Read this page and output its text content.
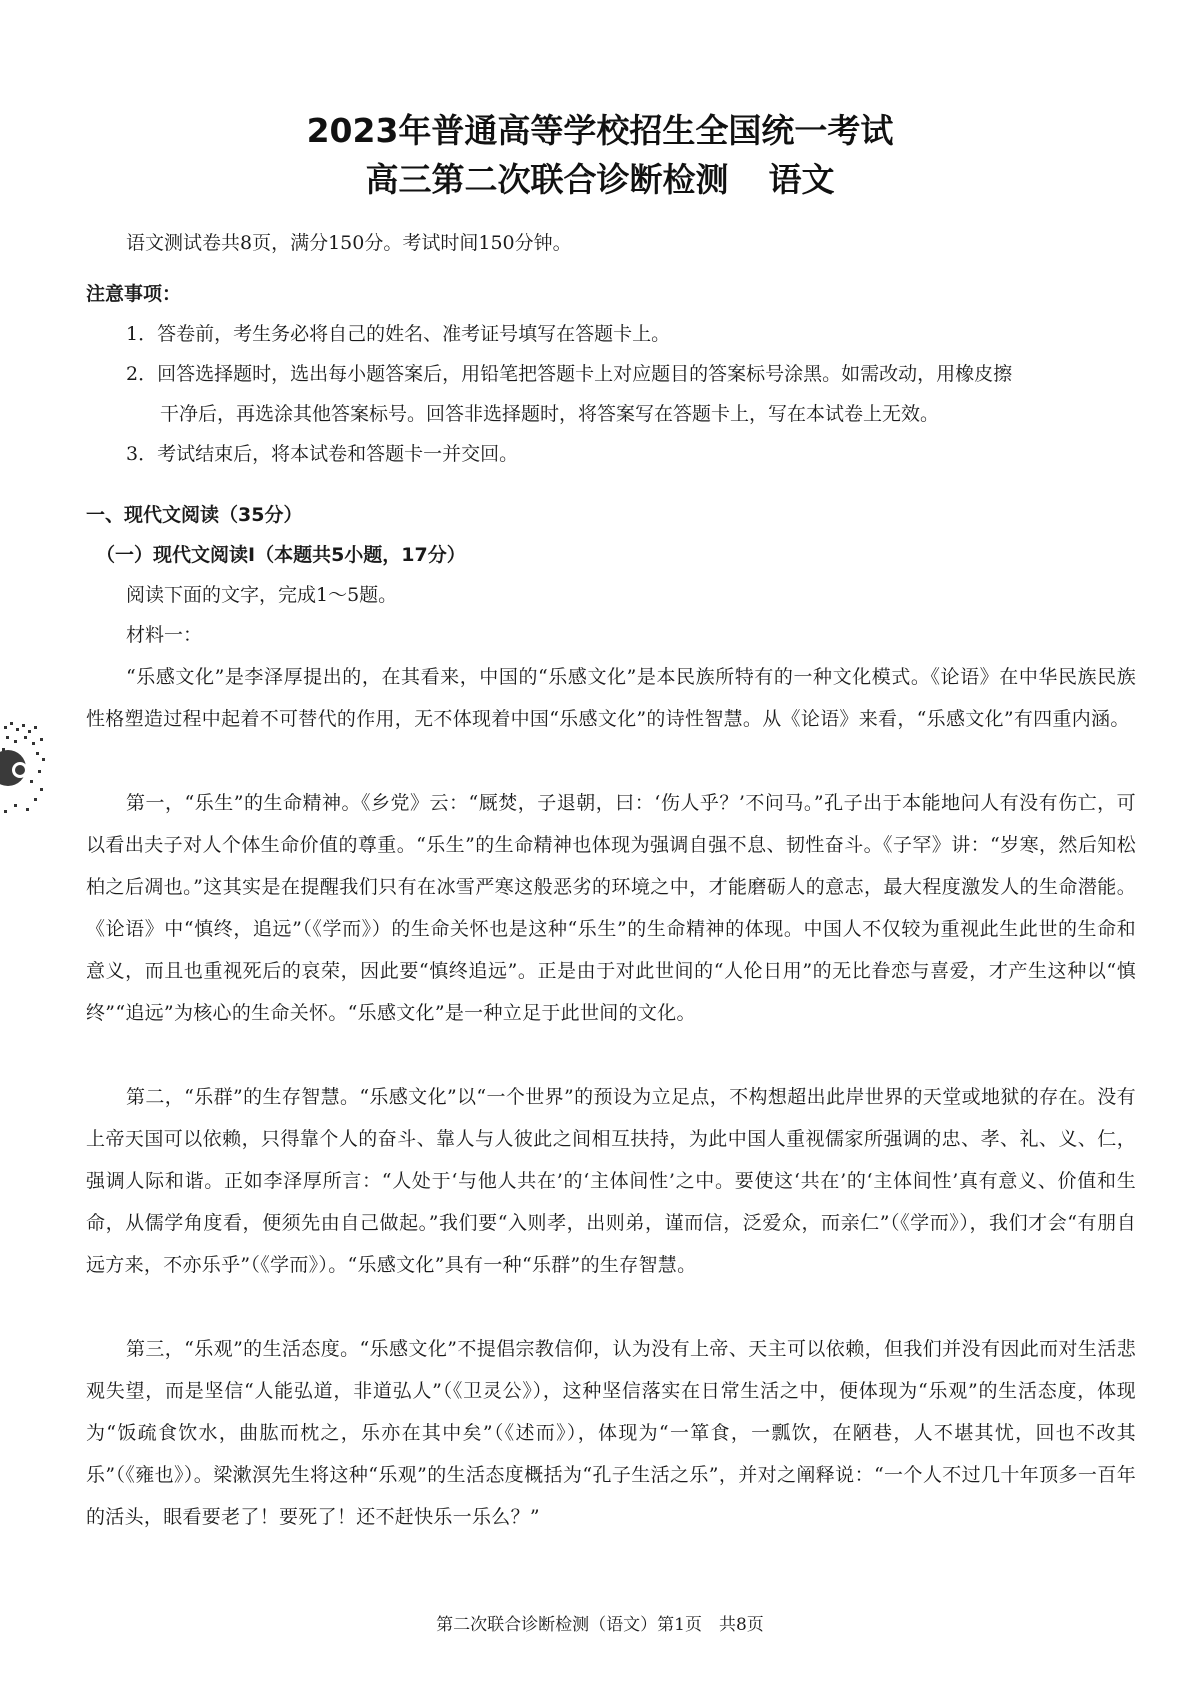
2023年普通高等学校招生全国统一考试
高三第二次联合诊断检测 语文
语文测试卷共8页，满分150分。考试时间150分钟。
注意事项：
1．答卷前，考生务必将自己的姓名、准考证号填写在答题卡上。
2．回答选择题时，选出每小题答案后，用铅笔把答题卡上对应题目的答案标号涂黑。如需改动，用橡皮擦
干净后，再选涂其他答案标号。回答非选择题时，将答案写在答题卡上，写在本试卷上无效。
3．考试结束后，将本试卷和答题卡一并交回。
一、现代文阅读（35分）
（一）现代文阅读Ⅰ（本题共5小题，17分）
阅读下面的文字，完成1～5题。
材料一：
“乐感文化”是李泽厚提出的，在其看来，中国的“乐感文化”是本民族所特有的一种文化模式。《论语》在中华民族民族性格塑造过程中起着不可替代的作用，无不体现着中国“乐感文化”的诗性智慧。从《论语》来看，“乐感文化”有四重内涵。
第一，“乐生”的生命精神。《乡党》云：“厩焚，子退朝，曰：‘伤人乎？’不问马。”孔子出于本能地问人有没有伤亡，可以看出夫子对人个体生命价值的尊重。“乐生”的生命精神也体现为强调自强不息、韧性奋斗。《子罕》讲：“岁寒，然后知松柏之后凋也。”这其实是在提醒我们只有在冰雪严寒这般恶劣的环境之中，才能磨砺人的意志，最大程度激发人的生命潜能。《论语》中“慎终，追远”（《学而》）的生命关怀也是这种“乐生”的生命精神的体现。中国人不仅较为重视此生此世的生命和意义，而且也重视死后的哀荣，因此要“慎终追远”。正是由于对此世间的“人伦日用”的无比眷恋与喜爱，才产生这种以“慎终”“追远”为核心的生命关怀。“乐感文化”是一种立足于此世间的文化。
第二，“乐群”的生存智慧。“乐感文化”以“一个世界”的预设为立足点，不构想超出此岸世界的天堂或地狱的存在。没有上帝天国可以依赖，只得靠个人的奋斗、靠人与人彼此之间相互扶持，为此中国人重视儒家所强调的忠、孝、礼、义、仁，强调人际和谐。正如李泽厚所言：“人处于‘与他人共在’的‘主体间性’之中。要使这‘共在’的‘主体间性’真有意义、价值和生命，从儒学角度看，便须先由自己做起。”我们要“入则孝，出则弟，谨而信，泛爱众，而亲仁”（《学而》），我们才会“有朋自远方来，不亦乐乎”（《学而》）。“乐感文化”具有一种“乐群”的生存智慧。
第三，“乐观”的生活态度。“乐感文化”不提倡宗教信仰，认为没有上帝、天主可以依赖，但我们并没有因此而对生活悲观失望，而是坚信“人能弘道，非道弘人”（《卫灵公》），这种坚信落实在日常生活之中，便体现为“乐观”的生活态度，体现为“饭疏食饮水，曲肱而枕之，乐亦在其中矣”（《述而》），体现为“一箪食，一瓢饮，在陋巷，人不堪其忧，回也不改其乐”（《雍也》）。梁漱溟先生将这种“乐观”的生活态度概括为“孔子生活之乐”，并对之阐释说：“一个人不过几十年顶多一百年的活头，眼看要老了！要死了！还不赶快乐一乐么？”
第二次联合诊断检测（语文）第1页　共8页
